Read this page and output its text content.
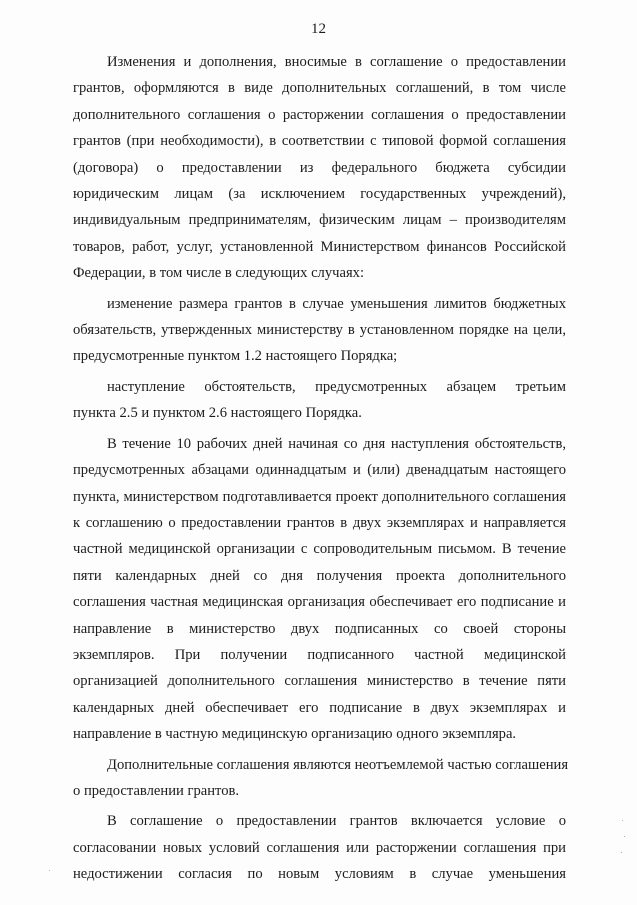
12

Изменения и дополнения, вносимые в соглашение о предоставлении
грантов, оформляются в виде дополнительных соглашений, в том числе
дополнительного соглашения о расторжении соглашения о предоставлении
грантов (при необходимости), в соответствии с типовой формой соглашения
(договора) о предоставлении из федерального бюджета субсидии
юридическим лицам (за исключением государственных учреждений),
индивидуальным предпринимателям, физическим лицам – производителям
товаров, работ, услуг, установленной Министерством финансов Российской
Федерации, в том числе в следующих случаях:

изменение размера грантов в случае уменьшения лимитов бюджетных
обязательств, утвержденных министерству в установленном порядке на цели,
предусмотренные пунктом 1.2 настоящего Порядка;

наступление обстоятельств, предусмотренных абзацем третьим
пункта 2.5 и пунктом 2.6 настоящего Порядка.

В течение 10 рабочих дней начиная со дня наступления обстоятельств,
предусмотренных абзацами одиннадцатым и (или) двенадцатым настоящего
пункта, министерством подготавливается проект дополнительного соглашения
к соглашению о предоставлении грантов в двух экземплярах и направляется
частной медицинской организации с сопроводительным письмом. В течение
пяти календарных дней со дня получения проекта дополнительного
соглашения частная медицинская организация обеспечивает его подписание и
направление в министерство двух подписанных со своей стороны
экземпляров. При получении подписанного частной медицинской
организацией дополнительного соглашения министерство в течение пяти
календарных дней обеспечивает его подписание в двух экземплярах и
направление в частную медицинскую организацию одного экземпляра.

Дополнительные соглашения являются неотъемлемой частью соглашения
о предоставлении грантов.

В соглашение о предоставлении грантов включается условие о
согласовании новых условий соглашения или расторжении соглашения при
недостижении согласия по новым условиям в случае уменьшения
